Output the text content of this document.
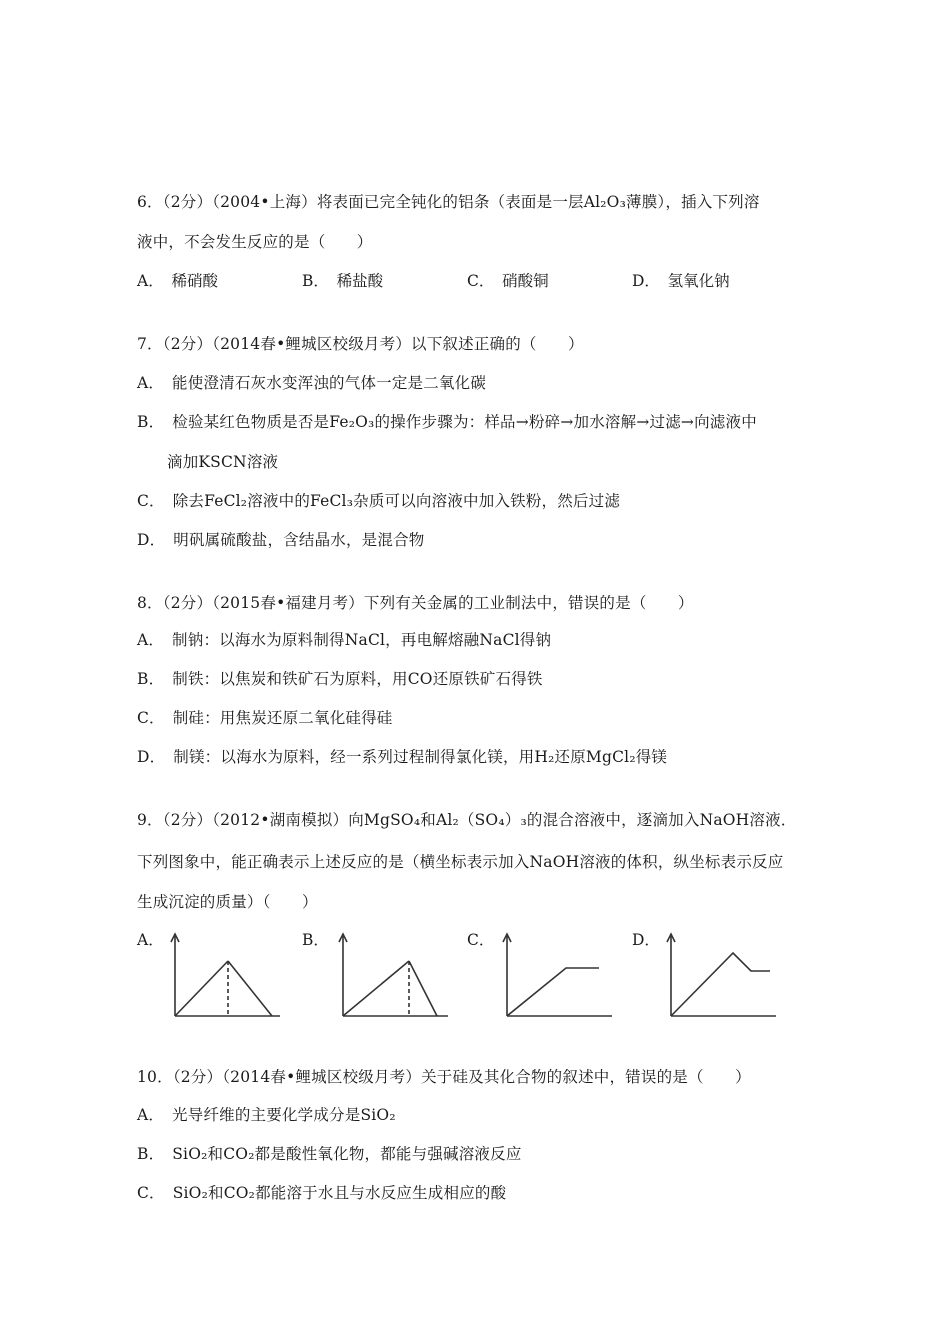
6．（2分）（2004•上海）将表面已完全钝化的铝条（表面是一层Al₂O₃薄膜），插入下列溶
液中，不会发生反应的是（　　）
A．　稀硝酸	B．　稀盐酸	C．　硝酸铜	D．　氢氧化钠
7．（2分）（2014春•鲤城区校级月考）以下叙述正确的（　　）
A．　能使澄清石灰水变浑浊的气体一定是二氧化碳
B．　检验某红色物质是否是Fe₂O₃的操作步骤为：样品→粉碎→加水溶解→过滤→向滤液中
滴加KSCN溶液
C．　除去FeCl₂溶液中的FeCl₃杂质可以向溶液中加入铁粉，然后过滤
D．　明矾属硫酸盐，含结晶水，是混合物
8．（2分）（2015春•福建月考）下列有关金属的工业制法中，错误的是（　　）
A．　制钠：以海水为原料制得NaCl，再电解熔融NaCl得钠
B．　制铁：以焦炭和铁矿石为原料，用CO还原铁矿石得铁
C．　制硅：用焦炭还原二氧化硅得硅
D．　制镁：以海水为原料，经一系列过程制得氯化镁，用H₂还原MgCl₂得镁
9．（2分）（2012•湖南模拟）向MgSO₄和Al₂（SO₄）₃的混合溶液中，逐滴加入NaOH溶液．
下列图象中，能正确表示上述反应的是（横坐标表示加入NaOH溶液的体积，纵坐标表示反应
生成沉淀的质量）（　　）
A．	B．	C．	D．
10．（2分）（2014春•鲤城区校级月考）关于硅及其化合物的叙述中，错误的是（　　）
A．　光导纤维的主要化学成分是SiO₂
B．　SiO₂和CO₂都是酸性氧化物，都能与强碱溶液反应
C．　SiO₂和CO₂都能溶于水且与水反应生成相应的酸
